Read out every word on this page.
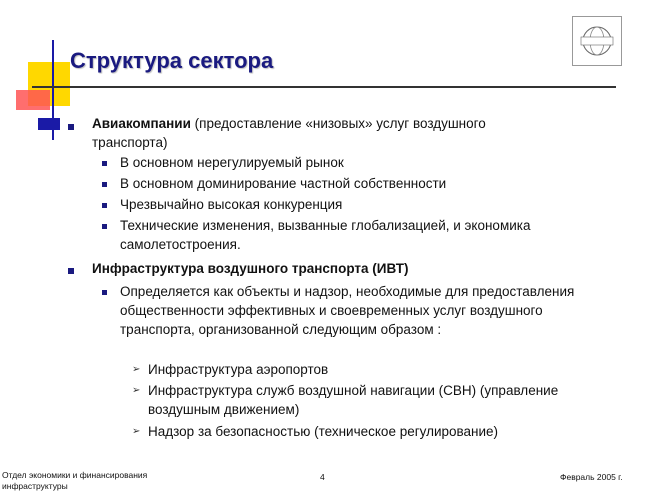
Структура сектора
Авиакомпании (предоставление «низовых» услуг воздушного
транспорта)
В основном нерегулируемый рынок
В основном доминирование частной собственности
Чрезвычайно высокая конкуренция
Технические изменения, вызванные глобализацией, и экономика
самолетостроения.
Инфраструктура воздушного транспорта (ИВТ)
Определяется как объекты и надзор, необходимые для предоставления
общественности эффективных и своевременных услуг воздушного
транспорта, организованной следующим образом :
➢ Инфраструктура аэропортов
➢ Инфраструктура служб воздушной навигации (СВН) (управление
воздушным движением)
➢ Надзор за безопасностью (техническое регулирование)
Отдел экономики и финансирования
инфраструктуры
4	Февраль 2005 г.
